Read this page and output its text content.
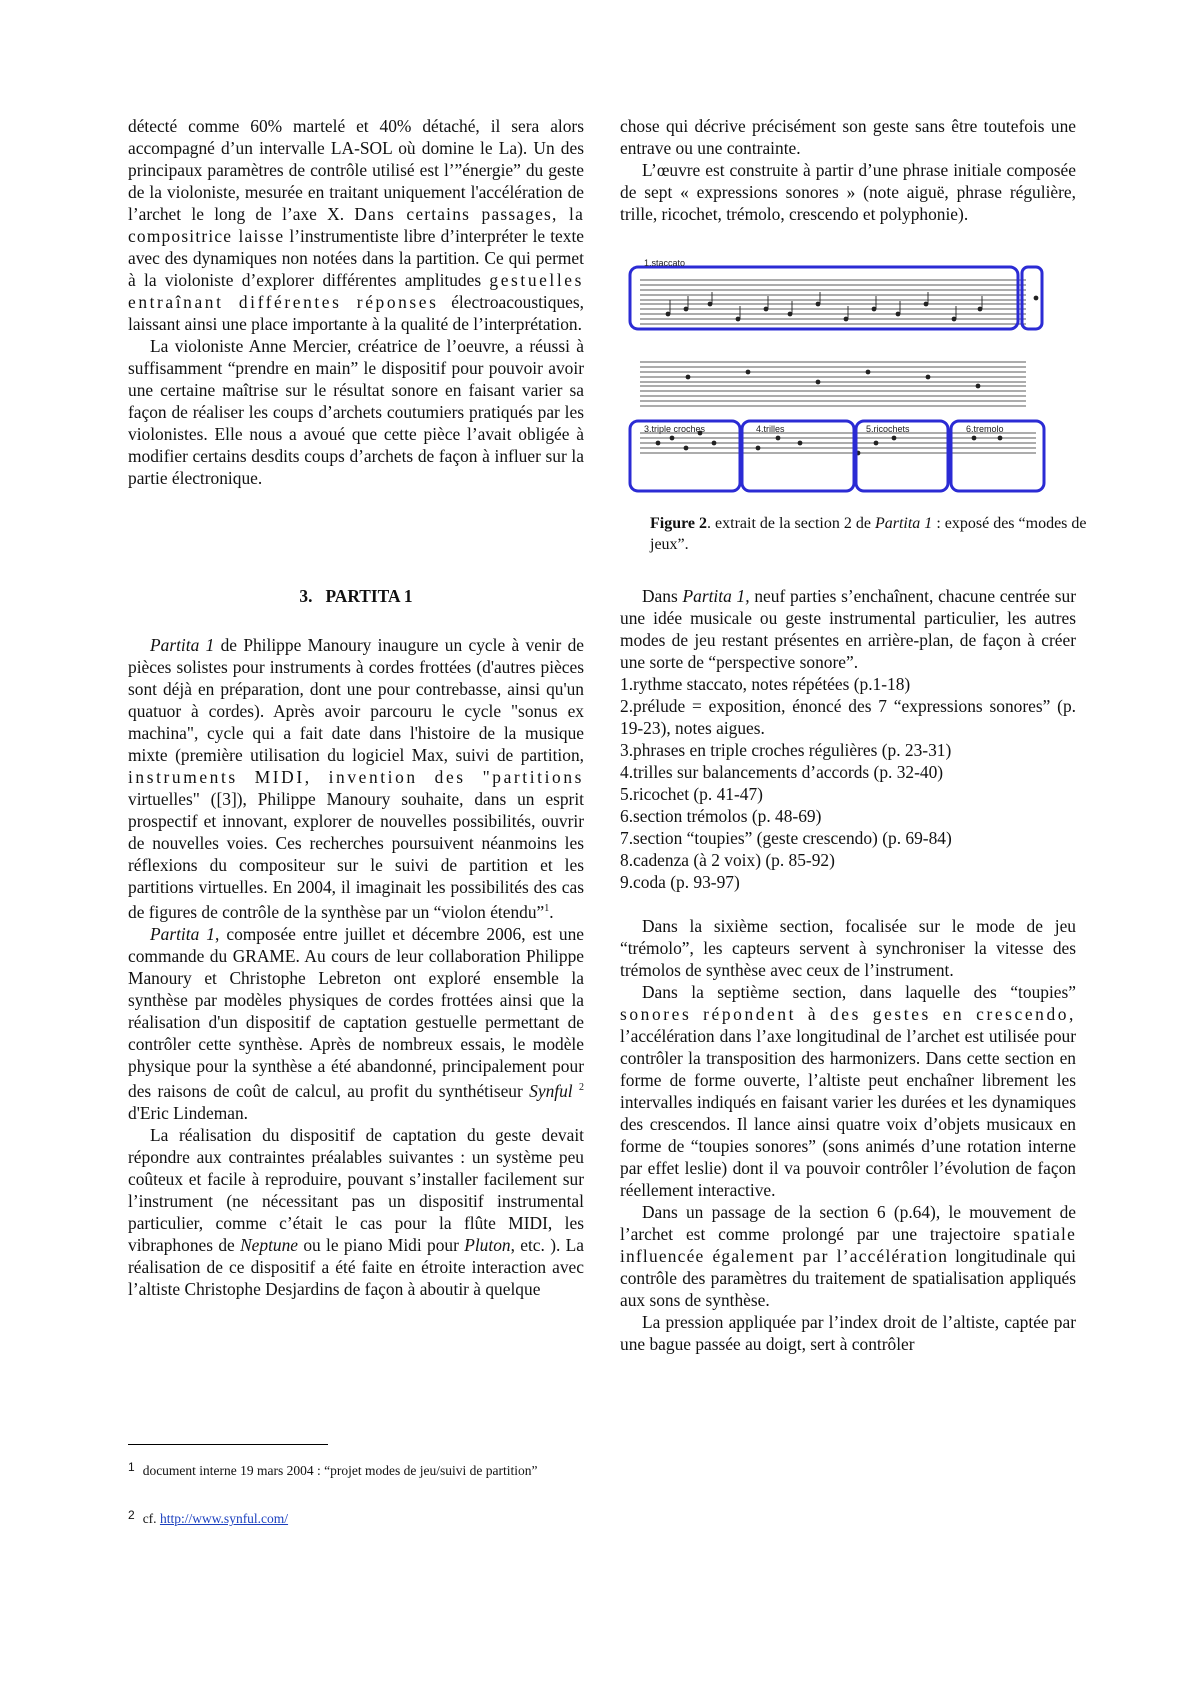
détecté comme 60% martelé et 40% détaché, il sera alors accompagné d’un intervalle LA-SOL où domine le La). Un des principaux paramètres de contrôle utilisé est l’”énergie” du geste de la violoniste, mesurée en traitant uniquement l'accélération de l’archet le long de l’axe X. Dans certains passages, la compositrice laisse l’instrumentiste libre d’interpréter le texte avec des dynamiques non notées dans la partition. Ce qui permet à la violoniste d’explorer différentes amplitudes gestuelles entraînant différentes réponses électroacoustiques, laissant ainsi une place importante à la qualité de l’interprétation.

La violoniste Anne Mercier, créatrice de l’oeuvre, a réussi à suffisamment “prendre en main” le dispositif pour pouvoir avoir une certaine maîtrise sur le résultat sonore en faisant varier sa façon de réaliser les coups d’archets coutumiers pratiqués par les violonistes. Elle nous a avoué que cette pièce l’avait obligée à modifier certains desdits coups d’archets de façon à influer sur la partie électronique.

chose qui décrive précisément son geste sans être toutefois une entrave ou une contrainte.

L’œuvre est construite à partir d’une phrase initiale composée de sept « expressions sonores » (note aiguë, phrase régulière, trille, ricochet, trémolo, crescendo et polyphonie).

1.staccato
3.triple croches	4.trilles	5.ricochets	6.tremolo
Figure 2. extrait de la section 2 de Partita 1 : exposé des “modes de jeux”.
3. PARTITA 1

Partita 1 de Philippe Manoury inaugure un cycle à venir de pièces solistes pour instruments à cordes frottées (d'autres pièces sont déjà en préparation, dont une pour contrebasse, ainsi qu'un quatuor à cordes). Après avoir parcouru le cycle "sonus ex machina", cycle qui a fait date dans l'histoire de la musique mixte (première utilisation du logiciel Max, suivi de partition, instruments MIDI, invention des "partitions virtuelles" ([3]), Philippe Manoury souhaite, dans un esprit prospectif et innovant, explorer de nouvelles possibilités, ouvrir de nouvelles voies. Ces recherches poursuivent néanmoins les réflexions du compositeur sur le suivi de partition et les partitions virtuelles. En 2004, il imaginait les possibilités des cas de figures de contrôle de la synthèse par un “violon étendu”$^1$.

Partita 1, composée entre juillet et décembre 2006, est une commande du GRAME. Au cours de leur collaboration Philippe Manoury et Christophe Lebreton ont exploré ensemble la synthèse par modèles physiques de cordes frottées ainsi que la réalisation d'un dispositif de captation gestuelle permettant de contrôler cette synthèse. Après de nombreux essais, le modèle physique pour la synthèse a été abandonné, principalement pour des raisons de coût de calcul, au profit du synthétiseur Synful $^2$ d'Eric Lindeman.

La réalisation du dispositif de captation du geste devait répondre aux contraintes préalables suivantes : un système peu coûteux et facile à reproduire, pouvant s’installer facilement sur l’instrument (ne nécessitant pas un dispositif instrumental particulier, comme c’était le cas pour la flûte MIDI, les vibraphones de Neptune ou le piano Midi pour Pluton, etc. ). La réalisation de ce dispositif a été faite en étroite interaction avec l’altiste Christophe Desjardins de façon à aboutir à quelque

Dans Partita 1, neuf parties s’enchaînent, chacune centrée sur une idée musicale ou geste instrumental particulier, les autres modes de jeu restant présentes en arrière-plan, de façon à créer une sorte de “perspective sonore”.

1.rythme staccato, notes répétées (p.1-18)
2.prélude = exposition, énoncé des 7 “expressions sonores” (p. 19-23), notes aigues.
3.phrases en triple croches régulières (p. 23-31)
4.trilles sur balancements d’accords (p. 32-40)
5.ricochet (p. 41-47)
6.section trémolos (p. 48-69)
7.section “toupies” (geste crescendo) (p. 69-84)
8.cadenza (à 2 voix) (p. 85-92)
9.coda (p. 93-97)

Dans la sixième section, focalisée sur le mode de jeu “trémolo”, les capteurs servent à synchroniser la vitesse des trémolos de synthèse avec ceux de l’instrument.

Dans la septième section, dans laquelle des “toupies” sonores répondent à des gestes en crescendo, l’accélération dans l’axe longitudinal de l’archet est utilisée pour contrôler la transposition des harmonizers. Dans cette section en forme de forme ouverte, l’altiste peut enchaîner librement les intervalles indiqués en faisant varier les durées et les dynamiques des crescendos. Il lance ainsi quatre voix d’objets musicaux en forme de “toupies sonores” (sons animés d’une rotation interne par effet leslie) dont il va pouvoir contrôler l’évolution de façon réellement interactive.

Dans un passage de la section 6 (p.64), le mouvement de l’archet est comme prolongé par une trajectoire spatiale influencée également par l’accélération longitudinale qui contrôle des paramètres du traitement de spatialisation appliqués aux sons de synthèse.

La pression appliquée par l’index droit de l’altiste, captée par une bague passée au doigt, sert à contrôler

$^1$ document interne 19 mars 2004 : “projet modes de jeu/suivi de partition”
$^2$ cf. http://www.synful.com/
